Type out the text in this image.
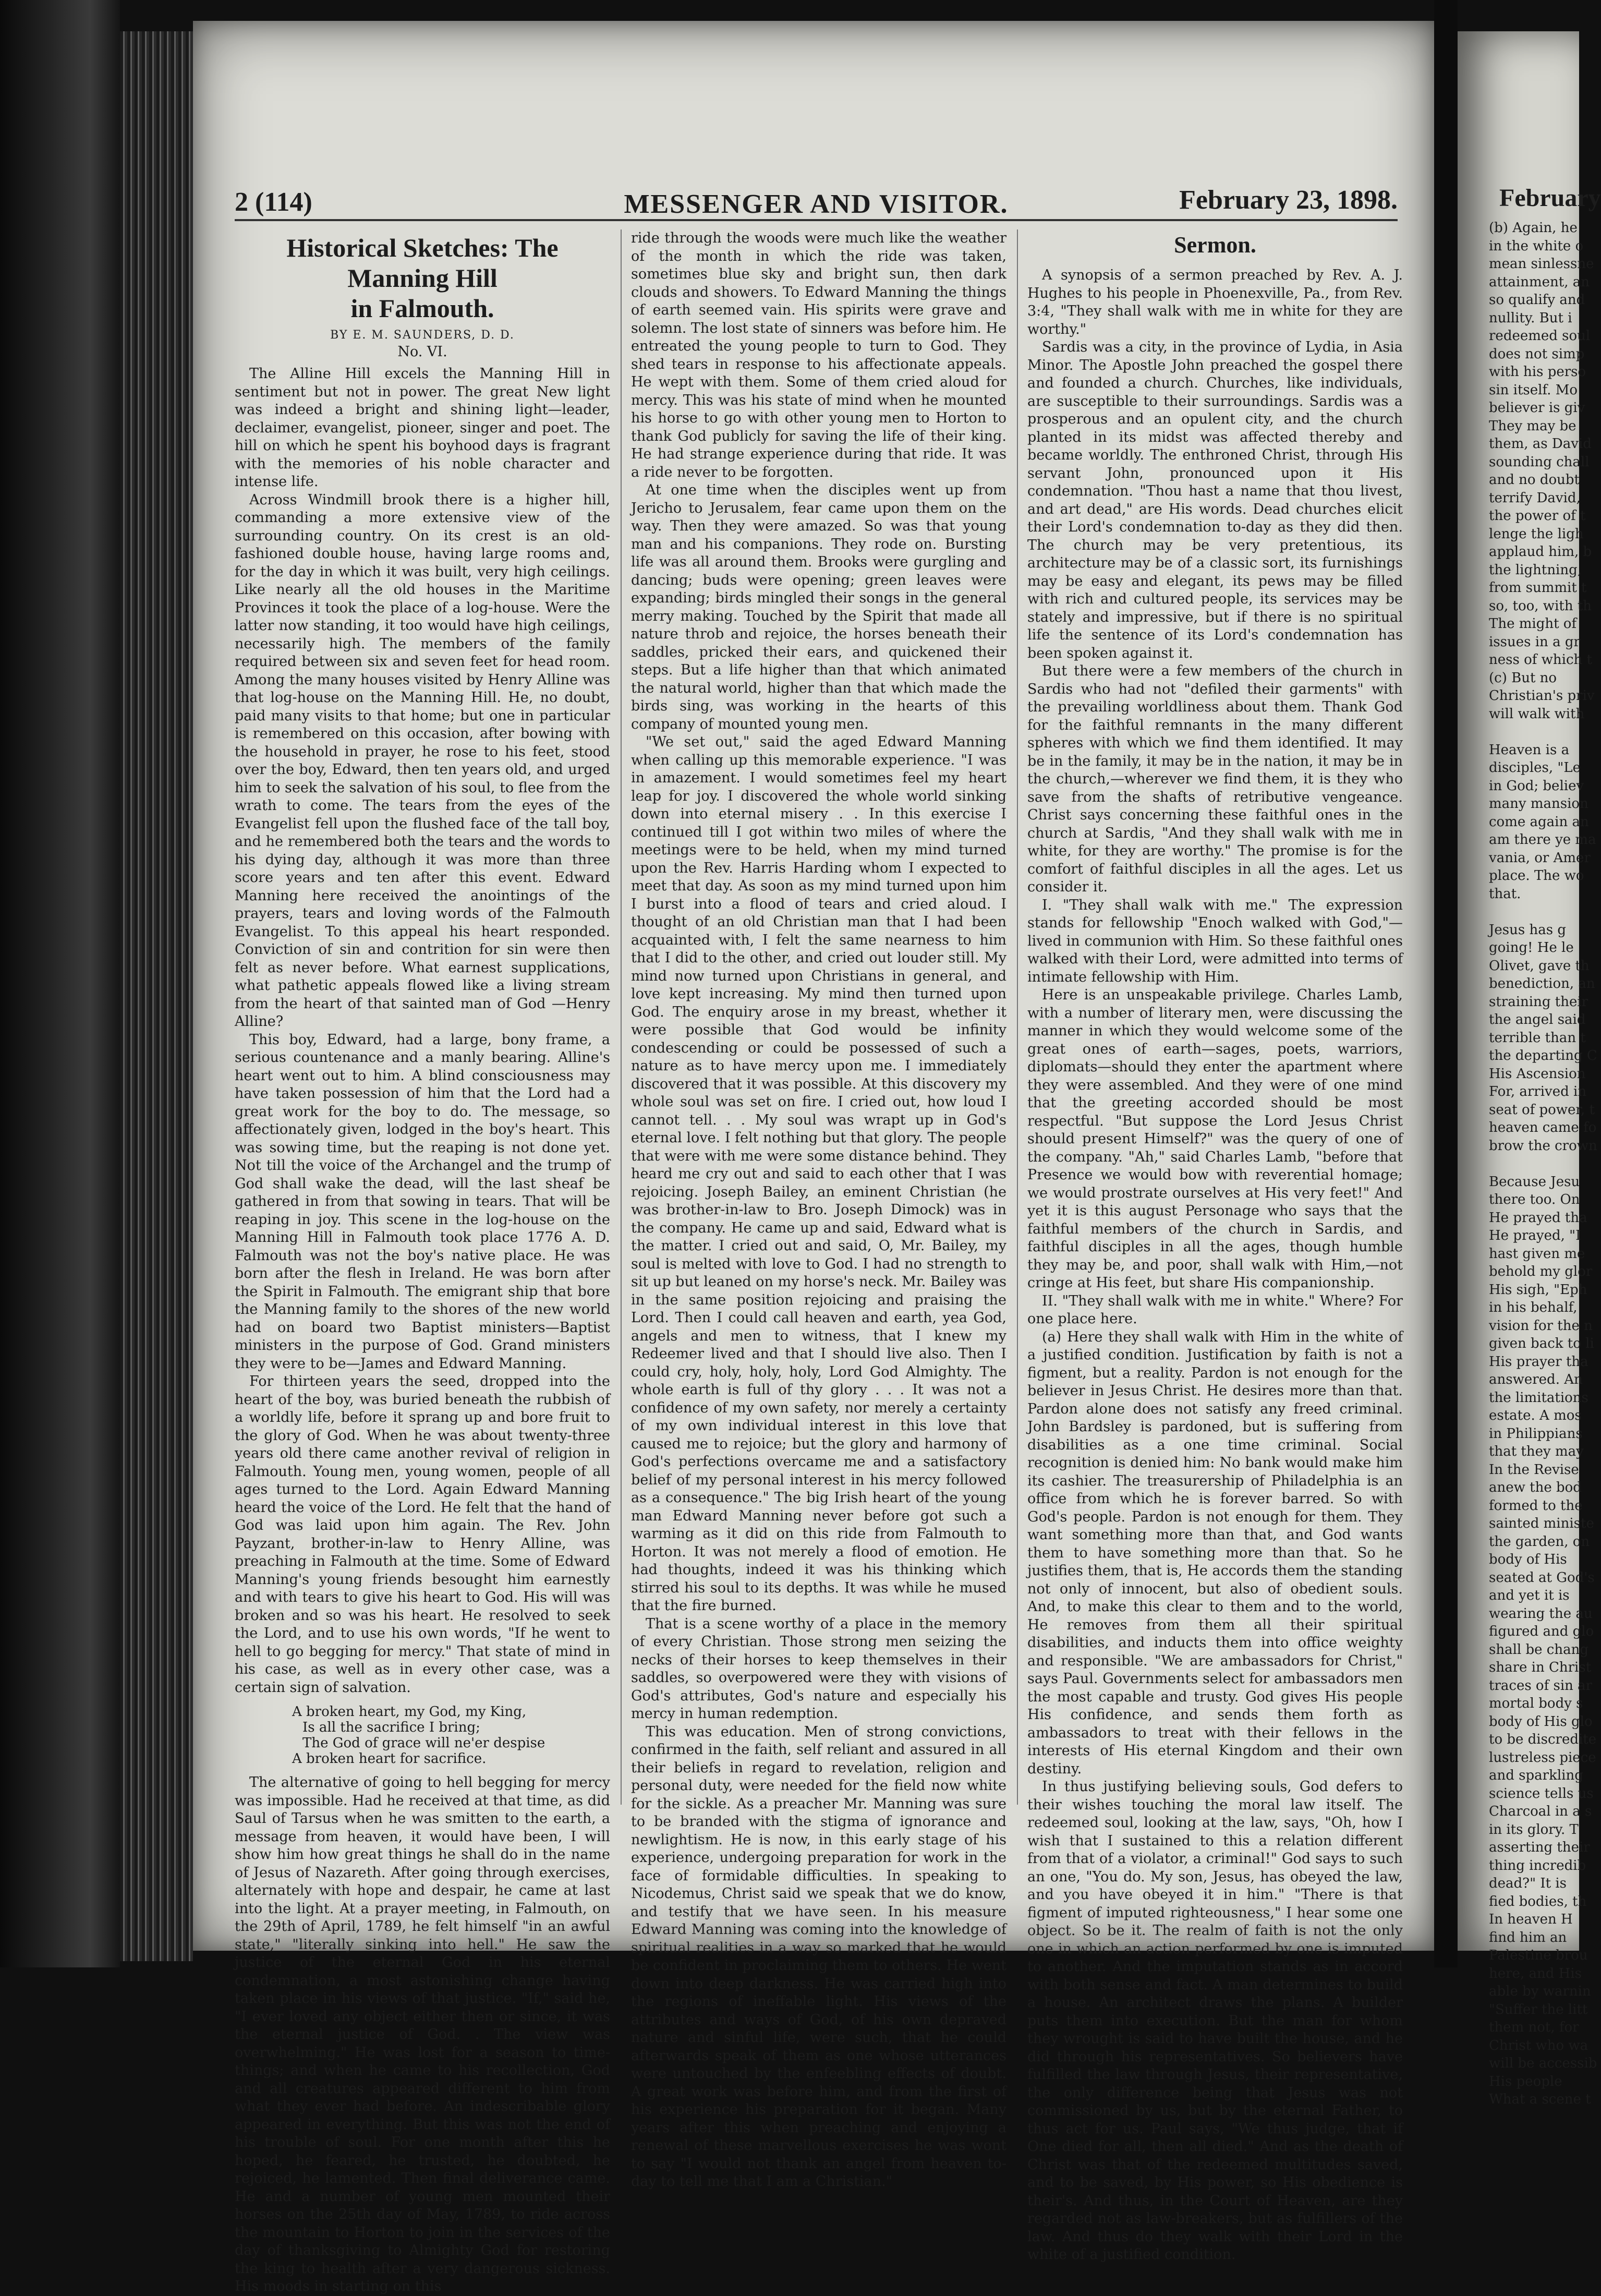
2 (114)	MESSENGER AND VISITOR.	February 23, 1898.
Historical Sketches: The Manning Hill
in Falmouth.
BY E. M. SAUNDERS, D. D.
No. VI.

The Alline Hill excels the Manning Hill in sentiment but not in power. The great New light was indeed a bright and shining light—leader, declaimer, evangelist, pioneer, singer and poet. The hill on which he spent his boyhood days is fragrant with the memories of his noble character and intense life.

Across Windmill brook there is a higher hill, commanding a more extensive view of the surrounding country. On its crest is an old-fashioned double house, having large rooms and, for the day in which it was built, very high ceilings. Like nearly all the old houses in the Maritime Provinces it took the place of a log-house. Were the latter now standing, it too would have high ceilings, necessarily high. The members of the family required between six and seven feet for head room. Among the many houses visited by Henry Alline was that log-house on the Manning Hill. He, no doubt, paid many visits to that home; but one in particular is remembered on this occasion, after bowing with the household in prayer, he rose to his feet, stood over the boy, Edward, then ten years old, and urged him to seek the salvation of his soul, to flee from the wrath to come. The tears from the eyes of the Evangelist fell upon the flushed face of the tall boy, and he remembered both the tears and the words to his dying day, although it was more than three score years and ten after this event. Edward Manning here received the anointings of the prayers, tears and loving words of the Falmouth Evangelist. To this appeal his heart responded. Conviction of sin and contrition for sin were then felt as never before. What earnest supplications, what pathetic appeals flowed like a living stream from the heart of that sainted man of God —Henry Alline?

This boy, Edward, had a large, bony frame, a serious countenance and a manly bearing. Alline's heart went out to him. A blind consciousness may have taken possession of him that the Lord had a great work for the boy to do. The message, so affectionately given, lodged in the boy's heart. This was sowing time, but the reaping is not done yet. Not till the voice of the Archangel and the trump of God shall wake the dead, will the last sheaf be gathered in from that sowing in tears. That will be reaping in joy. This scene in the log-house on the Manning Hill in Falmouth took place 1776 A. D. Falmouth was not the boy's native place. He was born after the flesh in Ireland. He was born after the Spirit in Falmouth. The emigrant ship that bore the Manning family to the shores of the new world had on board two Baptist ministers—Baptist ministers in the purpose of God. Grand ministers they were to be—James and Edward Manning.

For thirteen years the seed, dropped into the heart of the boy, was buried beneath the rubbish of a worldly life, before it sprang up and bore fruit to the glory of God. When he was about twenty-three years old there came another revival of religion in Falmouth. Young men, young women, people of all ages turned to the Lord. Again Edward Manning heard the voice of the Lord. He felt that the hand of God was laid upon him again. The Rev. John Payzant, brother-in-law to Henry Alline, was preaching in Falmouth at the time. Some of Edward Manning's young friends besought him earnestly and with tears to give his heart to God. His will was broken and so was his heart. He resolved to seek the Lord, and to use his own words, "If he went to hell to go begging for mercy." That state of mind in his case, as well as in every other case, was a certain sign of salvation.

A broken heart, my God, my King,
Is all the sacrifice I bring;
The God of grace will ne'er despise
A broken heart for sacrifice.

The alternative of going to hell begging for mercy was impossible. Had he received at that time, as did Saul of Tarsus when he was smitten to the earth, a message from heaven, it would have been, I will show him how great things he shall do in the name of Jesus of Nazareth. After going through exercises, alternately with hope and despair, he came at last into the light. At a prayer meeting, in Falmouth, on the 29th of April, 1789, he felt himself "in an awful state," "literally sinking into hell." He saw the justice of the eternal God in his eternal condemnation, a most astonishing change having taken place in his views of that justice. "If," said he, "I ever loved any object either then or since, it was the eternal justice of God. . The view was overwhelming." He was lost for a season to time-things; and when he came to his recollection, God and all creatures appeared different to him from what they ever had before. An indescribable glory appeared in everything. But this was not the end of his trouble of soul. For one month after this he hoped, he feared, he trusted, he doubted, he rejoiced, he lamented. Then final deliverance came. He and a number of young men mounted their horses on the 25th day of May, 1789, to ride across the mountain to Horton to join in the services of the day of thanksgiving to Almighty God for restoring the king to health after a very dangerous sickness. His moods in starting on this

ride through the woods were much like the weather of the month in which the ride was taken, sometimes blue sky and bright sun, then dark clouds and showers. To Edward Manning the things of earth seemed vain. His spirits were grave and solemn. The lost state of sinners was before him. He entreated the young people to turn to God. They shed tears in response to his affectionate appeals. He wept with them. Some of them cried aloud for mercy. This was his state of mind when he mounted his horse to go with other young men to Horton to thank God publicly for saving the life of their king. He had strange experience during that ride. It was a ride never to be forgotten.

At one time when the disciples went up from Jericho to Jerusalem, fear came upon them on the way. Then they were amazed. So was that young man and his companions. They rode on. Bursting life was all around them. Brooks were gurgling and dancing; buds were opening; green leaves were expanding; birds mingled their songs in the general merry making. Touched by the Spirit that made all nature throb and rejoice, the horses beneath their saddles, pricked their ears, and quickened their steps. But a life higher than that which animated the natural world, higher than that which made the birds sing, was working in the hearts of this company of mounted young men.

"We set out," said the aged Edward Manning when calling up this memorable experience. "I was in amazement. I would sometimes feel my heart leap for joy. I discovered the whole world sinking down into eternal misery . . In this exercise I continued till I got within two miles of where the meetings were to be held, when my mind turned upon the Rev. Harris Harding whom I expected to meet that day. As soon as my mind turned upon him I burst into a flood of tears and cried aloud. I thought of an old Christian man that I had been acquainted with, I felt the same nearness to him that I did to the other, and cried out louder still. My mind now turned upon Christians in general, and love kept increasing. My mind then turned upon God. The enquiry arose in my breast, whether it were possible that God would be infinity condescending or could be possessed of such a nature as to have mercy upon me. I immediately discovered that it was possible. At this discovery my whole soul was set on fire. I cried out, how loud I cannot tell. . . My soul was wrapt up in God's eternal love. I felt nothing but that glory. The people that were with me were some distance behind. They heard me cry out and said to each other that I was rejoicing. Joseph Bailey, an eminent Christian (he was brother-in-law to Bro. Joseph Dimock) was in the company. He came up and said, Edward what is the matter. I cried out and said, O, Mr. Bailey, my soul is melted with love to God. I had no strength to sit up but leaned on my horse's neck. Mr. Bailey was in the same position rejoicing and praising the Lord. Then I could call heaven and earth, yea God, angels and men to witness, that I knew my Redeemer lived and that I should live also. Then I could cry, holy, holy, holy, Lord God Almighty. The whole earth is full of thy glory . . . It was not a confidence of my own safety, nor merely a certainty of my own individual interest in this love that caused me to rejoice; but the glory and harmony of God's perfections overcame me and a satisfactory belief of my personal interest in his mercy followed as a consequence." The big Irish heart of the young man Edward Manning never before got such a warming as it did on this ride from Falmouth to Horton. It was not merely a flood of emotion. He had thoughts, indeed it was his thinking which stirred his soul to its depths. It was while he mused that the fire burned.

That is a scene worthy of a place in the memory of every Christian. Those strong men seizing the necks of their horses to keep themselves in their saddles, so overpowered were they with visions of God's attributes, God's nature and especially his mercy in human redemption.

This was education. Men of strong convictions, confirmed in the faith, self reliant and assured in all their beliefs in regard to revelation, religion and personal duty, were needed for the field now white for the sickle. As a preacher Mr. Manning was sure to be branded with the stigma of ignorance and newlightism. He is now, in this early stage of his experience, undergoing preparation for work in the face of formidable difficulties. In speaking to Nicodemus, Christ said we speak that we do know, and testify that we have seen. In his measure Edward Manning was coming into the knowledge of spiritual realities in a way so marked that he would be confident in proclaiming them to others. He went down into deep darkness. He was carried high into the regions of ineffable light. His views of the attributes and ways of God, of his own depraved nature and sinful life, were such, that he could afterwards speak of them as one whose utterances were untouched by the enfeebling effects of doubt. A great work was before him, and from the first of his experience his preparation for it began. Many years after this when preaching and enjoying a renewal of these marvellous exercises he was wont to say "I would not thank an angel from heaven to-day to tell me that I am a Christian."

Sermon.

A synopsis of a sermon preached by Rev. A. J. Hughes to his people in Phoenexville, Pa., from Rev. 3:4, "They shall walk with me in white for they are worthy."

Sardis was a city, in the province of Lydia, in Asia Minor. The Apostle John preached the gospel there and founded a church. Churches, like individuals, are susceptible to their surroundings. Sardis was a prosperous and an opulent city, and the church planted in its midst was affected thereby and became worldly. The enthroned Christ, through His servant John, pronounced upon it His condemnation. "Thou hast a name that thou livest, and art dead," are His words. Dead churches elicit their Lord's condemnation to-day as they did then. The church may be very pretentious, its architecture may be of a classic sort, its furnishings may be easy and elegant, its pews may be filled with rich and cultured people, its services may be stately and impressive, but if there is no spiritual life the sentence of its Lord's condemnation has been spoken against it.

But there were a few members of the church in Sardis who had not "defiled their garments" with the prevailing worldliness about them. Thank God for the faithful remnants in the many different spheres with which we find them identified. It may be in the family, it may be in the nation, it may be in the church,—wherever we find them, it is they who save from the shafts of retributive vengeance. Christ says concerning these faithful ones in the church at Sardis, "And they shall walk with me in white, for they are worthy." The promise is for the comfort of faithful disciples in all the ages. Let us consider it.

I. "They shall walk with me." The expression stands for fellowship "Enoch walked with God,"—lived in communion with Him. So these faithful ones walked with their Lord, were admitted into terms of intimate fellowship with Him.

Here is an unspeakable privilege. Charles Lamb, with a number of literary men, were discussing the manner in which they would welcome some of the great ones of earth—sages, poets, warriors, diplomats—should they enter the apartment where they were assembled. And they were of one mind that the greeting accorded should be most respectful. "But suppose the Lord Jesus Christ should present Himself?" was the query of one of the company. "Ah," said Charles Lamb, "before that Presence we would bow with reverential homage; we would prostrate ourselves at His very feet!" And yet it is this august Personage who says that the faithful members of the church in Sardis, and faithful disciples in all the ages, though humble they may be, and poor, shall walk with Him,—not cringe at His feet, but share His companionship.

II. "They shall walk with me in white." Where? For one place here.

(a) Here they shall walk with Him in the white of a justified condition. Justification by faith is not a figment, but a reality. Pardon is not enough for the believer in Jesus Christ. He desires more than that. Pardon alone does not satisfy any freed criminal. John Bardsley is pardoned, but is suffering from disabilities as a one time criminal. Social recognition is denied him: No bank would make him its cashier. The treasurership of Philadelphia is an office from which he is forever barred. So with God's people. Pardon is not enough for them. They want something more than that, and God wants them to have something more than that. So he justifies them, that is, He accords them the standing not only of innocent, but also of obedient souls. And, to make this clear to them and to the world, He removes from them all their spiritual disabilities, and inducts them into office weighty and responsible. "We are ambassadors for Christ," says Paul. Governments select for ambassadors men the most capable and trusty. God gives His people His confidence, and sends them forth as ambassadors to treat with their fellows in the interests of His eternal Kingdom and their own destiny.

In thus justifying believing souls, God defers to their wishes touching the moral law itself. The redeemed soul, looking at the law, says, "Oh, how I wish that I sustained to this a relation different from that of a violator, a criminal!" God says to such an one, "You do. My son, Jesus, has obeyed the law, and you have obeyed it in him." "There is that figment of imputed righteousness," I hear some one object. So be it. The realm of faith is not the only one in which an action performed by one is imputed to another. And the imputation stands as in accord with both sense and fact. A man determines to build a house. An architect draws the plans. A builder puts them into execution. But the man for whom they wrought is said to have built the house, and he did through his representatives. So believers have fulfilled the law through Jesus, their representative, the only difference being that Jesus was not commissioned by us, but by the eternal Father, to thus act for us. Paul says, "We thus judge, that if One died for all, then all died." And as the death of Christ was that of the redeemed multitudes saved, and to be saved, by His power, so His obedience is their's. And thus, in the Court of Heaven, are they regarded not as law-breakers, but as fulfillers of the law. And thus do they walk with their Lord in the white of a justified condition.

February

(b) Again, he

in the white o

mean sinlessne

attainment, an

so qualify and

nullity. But i

redeemed soul

does not simp

with his perso

sin itself. Mo

believer is giv

They may be

them, as David

sounding chall

and no doubt

terrify David,

the power of t

lenge the ligh

applaud him, b

the lightning,

from summit t

so, too, with th

The might of

issues in a gr

ness of which t

(c) But no

Christian's priv

will walk with

Heaven is a

disciples, "Le

in God; believ

many mansion

come again an

am there ye ma

vania, or Amer

place. The wo

that.

Jesus has g

going! He le

Olivet, gave th

benediction, an

straining their

the angel said

terrible than t

the departing C

His Ascension

For, arrived in

seat of power, t

heaven came fo

brow the crown

Because Jesu

there too. On

He prayed tha

He prayed, "I

hast given me

behold my glor

His sigh, "Eph

in his behalf,

vision for the n

given back to li

His prayer tha

answered. An

the limitations

estate. A mos

in Philippians

that they may

In the Revise

anew the bod

formed to the

sainted ministe

the garden, on

body of His

seated at God's

and yet it is

wearing the au

figured and glo

shall be chang

share in Christ

traces of sin ar

mortal body s

body of His glo

to be discredite

lustreless piece

and sparkling

science tells us

Charcoal in a s

in its glory. T

asserting their

thing incredib

dead?" It is

fied bodies, th

In heaven H

find him an

Palestine brou

here, and His

able by warnin

"Suffer the litt

them not, for

Christ who wa

will be accessib

His people

What a scene t
